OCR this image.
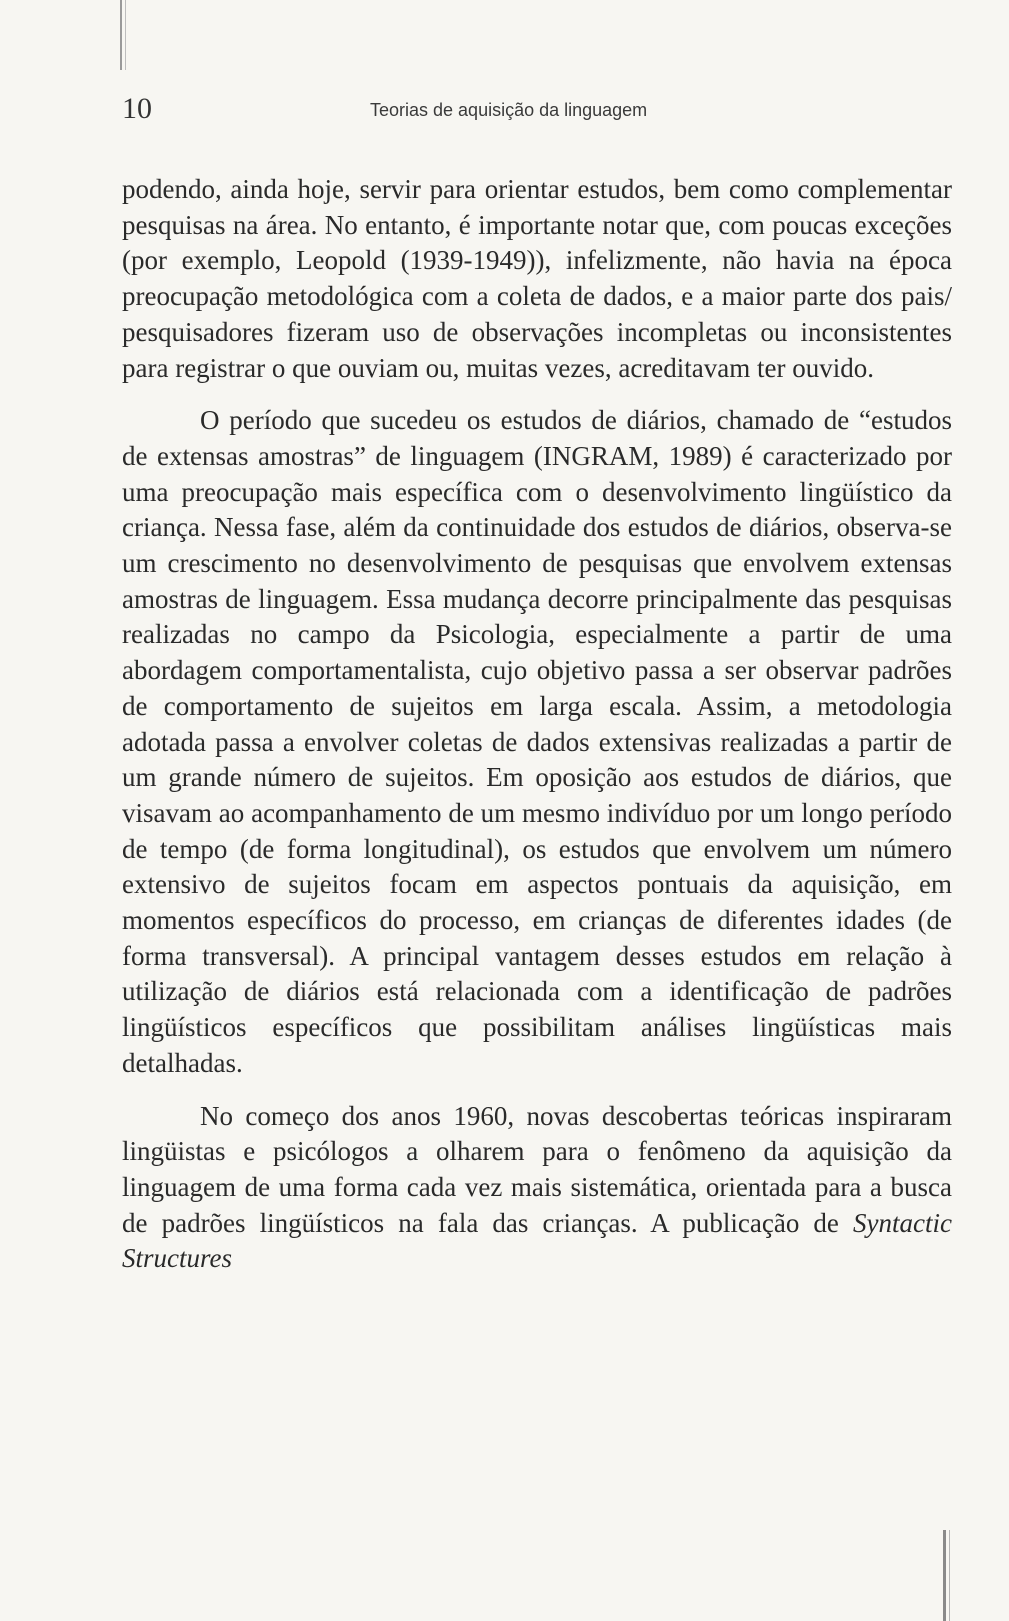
10	Teorias de aquisição da linguagem

podendo, ainda hoje, servir para orientar estudos, bem como complementar pesquisas na área. No entanto, é importante notar que, com poucas exceções (por exemplo, Leopold (1939-1949)), infelizmente, não havia na época preocupação metodológica com a coleta de dados, e a maior parte dos pais/ pesquisadores fizeram uso de observações incompletas ou inconsistentes para registrar o que ouviam ou, muitas vezes, acreditavam ter ouvido.

O período que sucedeu os estudos de diários, chamado de “estudos de extensas amostras” de linguagem (INGRAM, 1989) é caracterizado por uma preocupação mais específica com o desenvolvimento lingüístico da criança. Nessa fase, além da continuidade dos estudos de diários, observa-se um crescimento no desenvolvimento de pesquisas que envolvem extensas amostras de linguagem. Essa mudança decorre principalmente das pesquisas realizadas no campo da Psicologia, especialmente a partir de uma abordagem comportamentalista, cujo objetivo passa a ser observar padrões de comportamento de sujeitos em larga escala. Assim, a metodologia adotada passa a envolver coletas de dados extensivas realizadas a partir de um grande número de sujeitos. Em oposição aos estudos de diários, que visavam ao acompanhamento de um mesmo indivíduo por um longo período de tempo (de forma longitudinal), os estudos que envolvem um número extensivo de sujeitos focam em aspectos pontuais da aquisição, em momentos específicos do processo, em crianças de diferentes idades (de forma transversal). A principal vantagem desses estudos em relação à utilização de diários está relacionada com a identificação de padrões lingüísticos específicos que possibilitam análises lingüísticas mais detalhadas.

No começo dos anos 1960, novas descobertas teóricas inspiraram lingüistas e psicólogos a olharem para o fenômeno da aquisição da linguagem de uma forma cada vez mais sistemática, orientada para a busca de padrões lingüísticos na fala das crianças. A publicação de Syntactic Structures
